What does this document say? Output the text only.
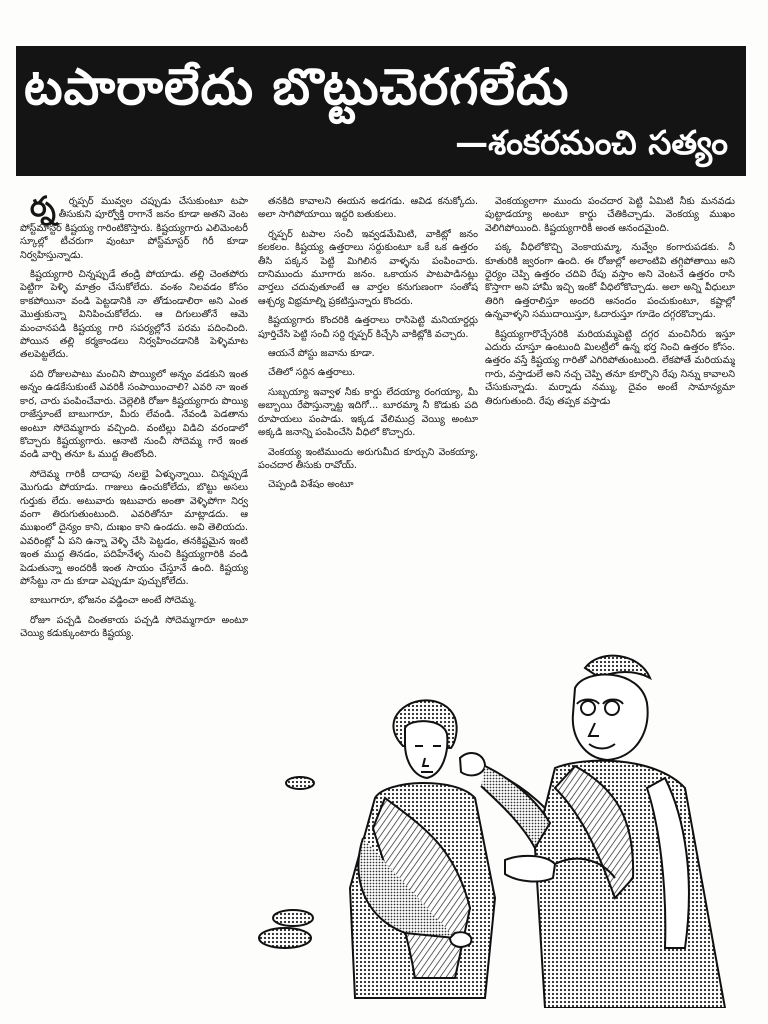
టపారాలేదు బొట్టుచెరగలేదు
—శంకరమంచి సత్యం

ర్న ర్నప్పర్ మువ్వల చప్పుడు చేసుకుంటూ టపా తీసుకుని పూర్వోక్తి రాగానే జనం కూడా అతని వెంట పోస్ట్‌మాస్టర్ కిష్టయ్య గారింటికొస్తారు. కిష్టయ్యగారు ఎలిమెంటరీ స్కూల్లో టీచరుగా వుంటూ పోస్ట్‌మాస్టర్ గిరీ కూడా నిర్వహిస్తున్నాడు.

కిష్టయ్యగారి చిన్నప్పుడే తండ్రి పోయాడు. తల్లి చెంతపోరు పెట్టిగా పెళ్ళి మాత్రం చేసుకోలేదు. వంశం నిలవడం కోసం కాకపోయినా వండి పెట్టడానికి నా తోడుండాలిరా అని ఎంత మొత్తుకున్నా వినిపించుకోలేదు. ఆ దిగులుతోనే ఆమె మంచానపడి కిష్టయ్య గారి సపర్యల్లోనే పరమ పదించింది. పోయిన తల్లి కర్మకాండలు నిర్వహించడానికి పెళ్ళిమాట తలపెట్టలేదు.

పది రోజులపాటు మంచిని పొయ్యిలో అన్నం వడకుని ఇంత అన్నం ఉడకేసుకుంటే ఎవరికీ సంపాయించాలి? ఎవరి నా ఇంత కార, చారు పంపించేవారు. చెల్లెలికి రోజూ కిష్టయ్యగారు పొయ్యి రాజేస్తూంటే బాబుగారూ, మీరు లేవండి. నేవండి పెడతాను అంటూ సోదెమ్మగారు వచ్చింది. వంటిల్లు విడిచి వరండాలో కొచ్చారు కిష్టయ్యగారు. ఆనాటి నుంచీ సోదెమ్మ గారే ఇంత వండి వార్చి తనూ ఓ ముద్ద తింటోంది.

సోదెమ్మ గారికీ దాదాపు నలభై ఏళ్ళున్నాయి. చిన్నప్పుడే మొగుడు పోయాడు. గాజులు ఉంచుకోలేదు, బొట్టు అసలు గుర్తుకు లేదు. అటువారు ఇటువారు అంతా వెళ్ళిపోగా నిర్వ వంగా తిరుగుతుంటుంది. ఎవరితోనూ మాట్లాడదు. ఆ ముఖంలో దైన్యం కాని, దుఃఖం కాని ఉండదు. అవి తెలియదు. ఎవరింట్లో ఏ పని ఉన్నా వెళ్ళి చేసి పెట్టడం, తనకిష్టమైన ఇంటి ఇంత ముద్ద తినడం, పదిహేనేళ్ళ నుంచి కిష్టయ్యగారికి వండి పెడుతున్నా అందరికీ ఇంత సాయం చేస్తూనే ఉంది. కిష్టయ్య పోసేట్టు నా దు కూడా ఎప్పుడూ పుచ్చుకోలేదు.

బాబుగారూ, భోజనం వడ్డించా అంటే సోదెమ్మ.

రోజూ పచ్చడి చింతకాయ పచ్చడి సోదెమ్మగారూ అంటూ చెయ్యి కడుక్కుంటారు కిష్టయ్య.

తనకిది కావాలని ఈయన అడగడు. ఆవిడ కనుక్కోదు. అలా సాగిపోయాయి ఇద్దరి బతుకులు.

ర్నప్పర్ టపాల సంచీ ఇవ్వడమేమిటి, వాకిట్లో జనం కలకలం. కిష్టయ్య ఉత్తరాలు సర్దుకుంటూ ఒకే ఒక ఉత్తరం తీసి పక్కన పెట్టి మిగిలిన వాళ్ళను పంపించారు. దానిముందు మూగారు జనం. ఒకాయన పాటపాడినట్లు వార్తలు చదువుతూంటే ఆ వార్తల కనుగుణంగా సంతోష ఆశ్చర్య విభ్రమాల్ని ప్రకటిస్తున్నారు కొందరు.

కిష్టయ్యగారు కొందరికి ఉత్తరాలు రాసిపెట్టి మనియార్డర్లు పూర్తిచేసి పెట్టి సంచీ సర్ది ర్నప్పర్ కిచ్చేసి వాకిట్లోకి వచ్చారు.

ఆయనే పోస్టు జవాను కూడా.

చేతిలో సర్దిన ఉత్తరాలు.

సుబ్బయ్యా ఇవ్వాళ నీకు కార్డు లేదయ్యా రంగయ్యా, మీ అబ్బాయి రేపొస్తున్నాట్ట ఇదిగో... బూరమ్మా నీ కొడుకు పది రూపాయలు పంపాడు. ఇక్కడ వేలిముద్ర వెయ్యి అంటూ అక్కడి జనాన్ని పంపించేసి వీధిలో కొచ్చారు.

వెంకయ్య ఇంటిముందు అరుగుమీద కూర్చుని వెంకయ్యా, పంచదార తీసుకు రావోయ్.

చెప్పండి విశేషం అంటూ

వెంకయ్యలాగా ముందు పంచదార పెట్టి ఏమిటి నీకు మనవడు పుట్టాడయ్యా అంటూ కార్డు చేతికిచ్చాడు. వెంకయ్య ముఖం వెలిగిపోయింది. కిష్టయ్యగారికీ అంత ఆనందమైంది.

పక్క వీధిలోకొచ్చి వెంకాయమ్మా, నువ్వేం కంగారుపడకు. నీ కూతురికి జ్వరంగా ఉంది. ఈ రోజుల్లో అలాంటివి తగ్గిపోతాయి అని ధైర్యం చెప్పి ఉత్తరం చదివి రేపు వస్తాం అని వెంటనే ఉత్తరం రాసి కొస్తాగా అని హామీ ఇచ్చి ఇంకో వీధిలోకొచ్చాడు. అలా అన్ని వీధులూ తిరిగి ఉత్తరాలిస్తూ అందరి ఆనందం పంచుకుంటూ, కష్టాల్లో ఉన్నవాళ్ళని సముదాయిస్తూ, ఓదారుస్తూ గూడెం దగ్గరకొచ్చాడు.

కిష్టయ్యగారొచ్చేసరికి మరియమ్మపెట్టి దగ్గర మంచినీరు ఇస్తూ ఎదురు చూస్తూ ఉంటుంది మిలట్రీలో ఉన్న భర్త నించి ఉత్తరం కోసం. ఉత్తరం వస్తే కిష్టయ్య గారితో ఎగిరిపోతుంటుంది. లేకపోతే మరియమ్మ గారు, వస్తాడులే అని నచ్చ చెప్పి తనూ కూర్చొని రేపు నిన్ను కావాలని చేసుకున్నాడు. మర్నాడు నమ్ము, దైవం అంటే సామాన్యమా తిరుగుతుంది. రేపు తప్పక వస్తాడు
